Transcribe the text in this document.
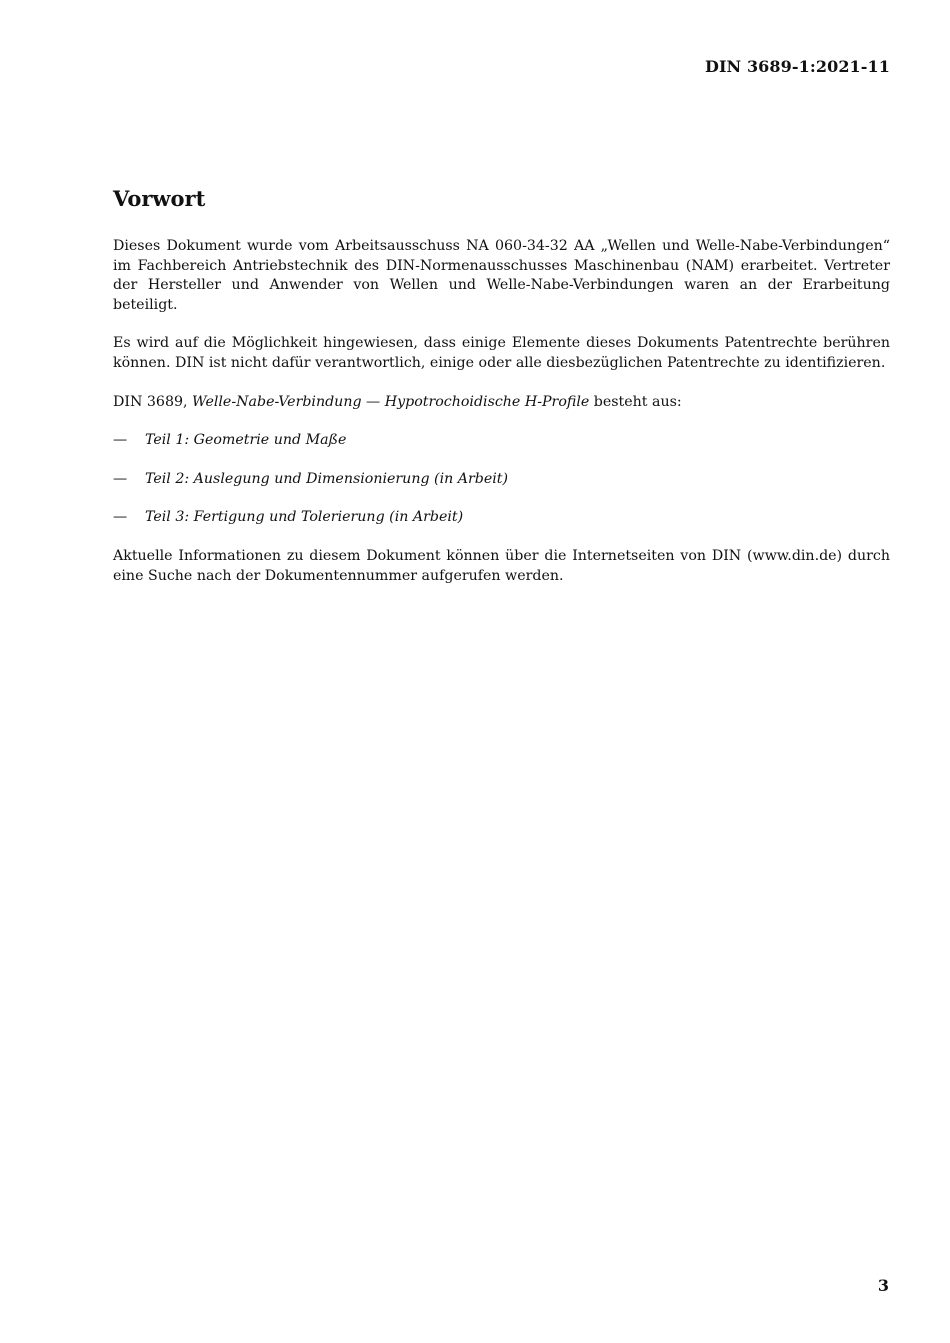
DIN 3689-1:2021-11
Vorwort

Dieses Dokument wurde vom Arbeitsausschuss NA 060-34-32 AA „Wellen und Welle-Nabe-Verbindungen“ im Fachbereich Antriebstechnik des DIN-Normenausschusses Maschinenbau (NAM) erarbeitet. Vertreter der Hersteller und Anwender von Wellen und Welle-Nabe-Verbindungen waren an der Erarbeitung beteiligt.

Es wird auf die Möglichkeit hingewiesen, dass einige Elemente dieses Dokuments Patentrechte berühren können. DIN ist nicht dafür verantwortlich, einige oder alle diesbezüglichen Patentrechte zu identifizieren.

DIN 3689, Welle-Nabe-Verbindung — Hypotrochoidische H-Profile besteht aus:

—	Teil 1: Geometrie und Maße
—	Teil 2: Auslegung und Dimensionierung (in Arbeit)
—	Teil 3: Fertigung und Tolerierung (in Arbeit)

Aktuelle Informationen zu diesem Dokument können über die Internetseiten von DIN (www.din.de) durch eine Suche nach der Dokumentennummer aufgerufen werden.

3
